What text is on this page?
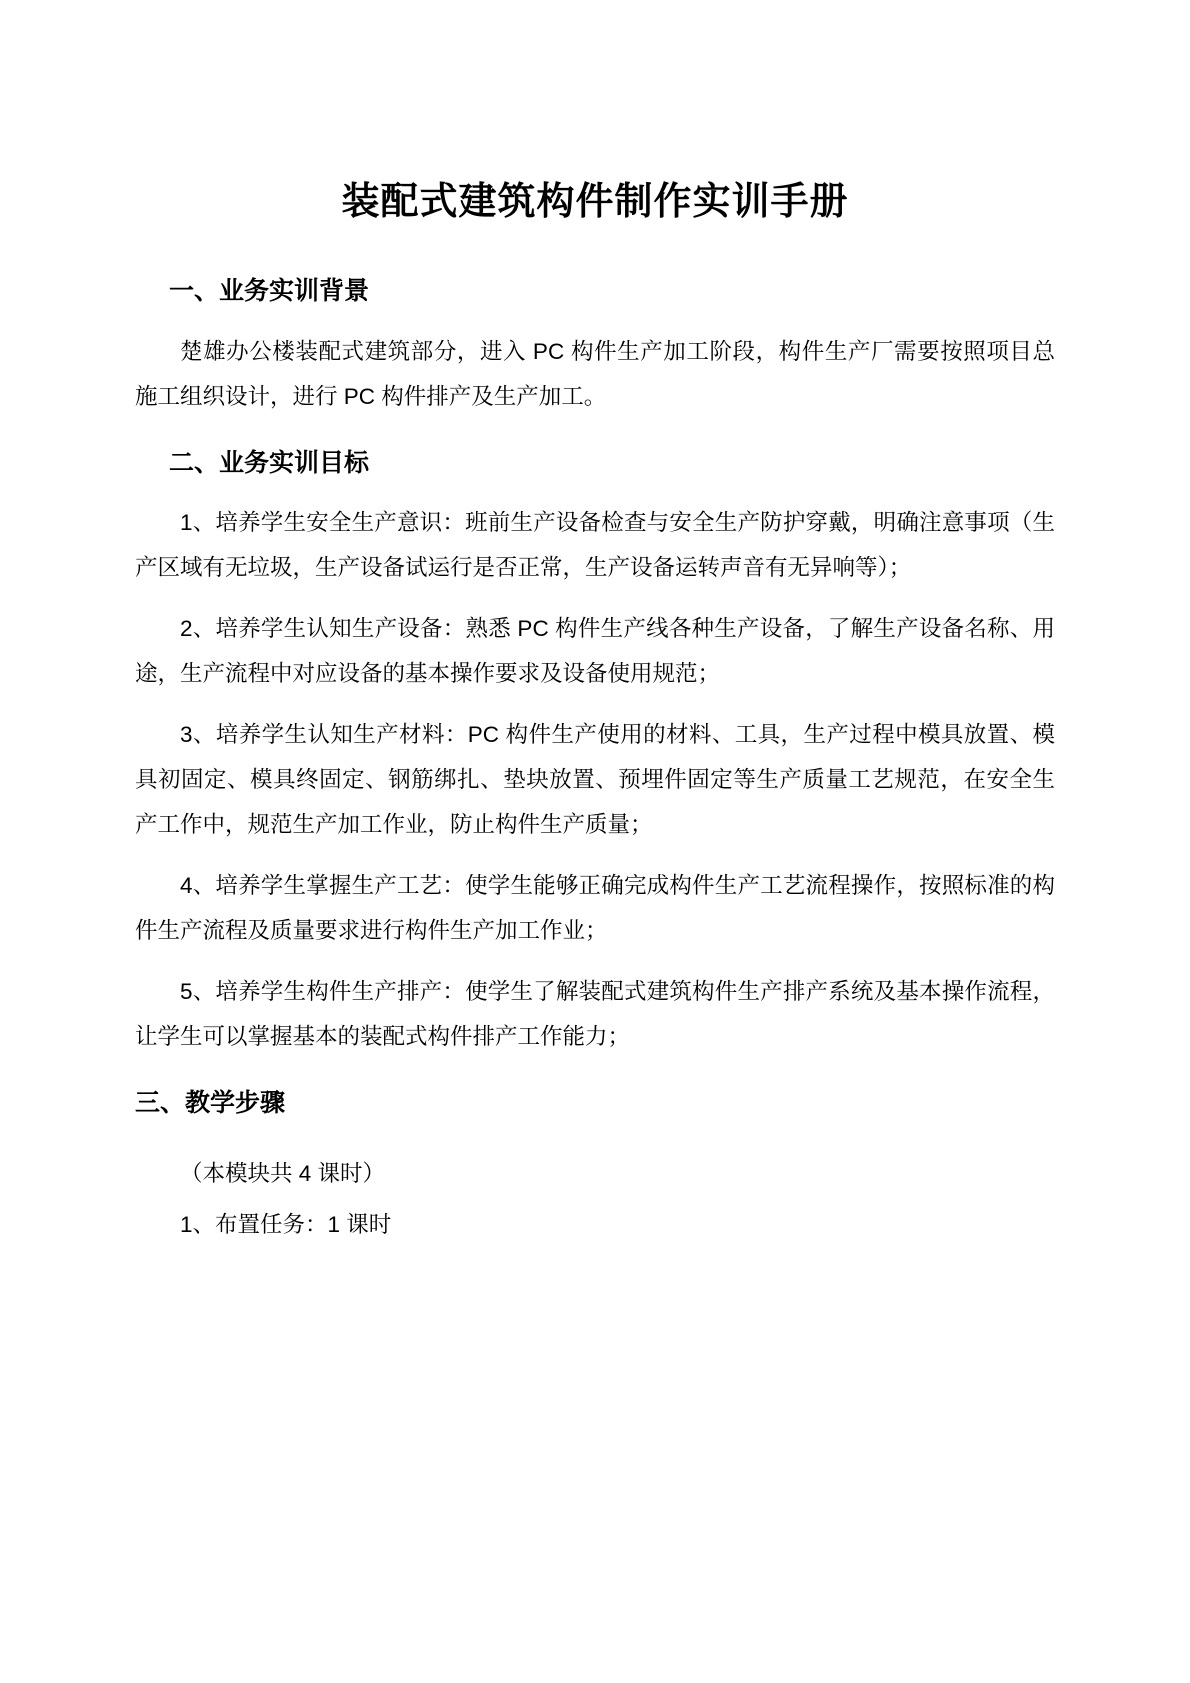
装配式建筑构件制作实训手册
一、业务实训背景

楚雄办公楼装配式建筑部分，进入 PC 构件生产加工阶段，构件生产厂需要按照项目总施工组织设计，进行 PC 构件排产及生产加工。

二、业务实训目标

1、培养学生安全生产意识：班前生产设备检查与安全生产防护穿戴，明确注意事项（生产区域有无垃圾，生产设备试运行是否正常，生产设备运转声音有无异响等）；

2、培养学生认知生产设备：熟悉 PC 构件生产线各种生产设备，了解生产设备名称、用途，生产流程中对应设备的基本操作要求及设备使用规范；

3、培养学生认知生产材料：PC 构件生产使用的材料、工具，生产过程中模具放置、模具初固定、模具终固定、钢筋绑扎、垫块放置、预埋件固定等生产质量工艺规范，在安全生产工作中，规范生产加工作业，防止构件生产质量；

4、培养学生掌握生产工艺：使学生能够正确完成构件生产工艺流程操作，按照标准的构件生产流程及质量要求进行构件生产加工作业；

5、培养学生构件生产排产：使学生了解装配式建筑构件生产排产系统及基本操作流程，让学生可以掌握基本的装配式构件排产工作能力；

三、教学步骤

（本模块共 4 课时）

1、布置任务：1 课时
